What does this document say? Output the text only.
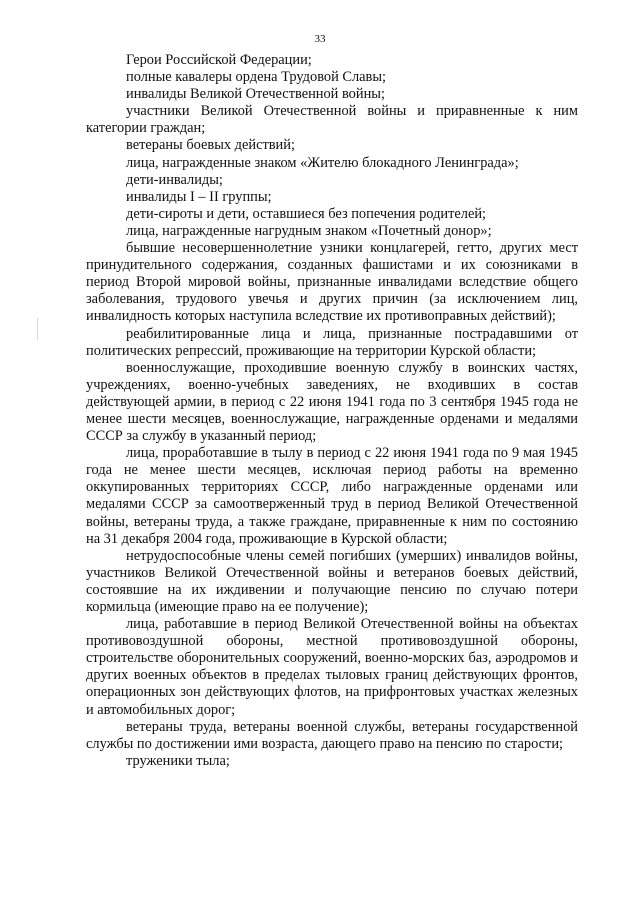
33

Герои Российской Федерации;

полные кавалеры ордена Трудовой Славы;

инвалиды Великой Отечественной войны;

участники Великой Отечественной войны и приравненные к ним категории граждан;

ветераны боевых действий;

лица, награжденные знаком «Жителю блокадного Ленинграда»;

дети-инвалиды;

инвалиды I – II группы;

дети-сироты и дети, оставшиеся без попечения родителей;

лица, награжденные нагрудным знаком «Почетный донор»;

бывшие несовершеннолетние узники концлагерей, гетто, других мест принудительного содержания, созданных фашистами и их союзниками в период Второй мировой войны, признанные инвалидами вследствие общего заболевания, трудового увечья и других причин (за исключением лиц, инвалидность которых наступила вследствие их противоправных действий);

реабилитированные лица и лица, признанные пострадавшими от политических репрессий, проживающие на территории Курской области;

военнослужащие, проходившие военную службу в воинских частях, учреждениях, военно-учебных заведениях, не входивших в состав действующей армии, в период с 22 июня 1941 года по 3 сентября 1945 года не менее шести месяцев, военнослужащие, награжденные орденами и медалями СССР за службу в указанный период;

лица, проработавшие в тылу в период с 22 июня 1941 года по 9 мая 1945 года не менее шести месяцев, исключая период работы на временно оккупированных территориях СССР, либо награжденные орденами или медалями СССР за самоотверженный труд в период Великой Отечественной войны, ветераны труда, а также граждане, приравненные к ним по состоянию на 31 декабря 2004 года, проживающие в Курской области;

нетрудоспособные члены семей погибших (умерших) инвалидов войны, участников Великой Отечественной войны и ветеранов боевых действий, состоявшие на их иждивении и получающие пенсию по случаю потери кормильца (имеющие право на ее получение);

лица, работавшие в период Великой Отечественной войны на объектах противовоздушной обороны, местной противовоздушной обороны, строительстве оборонительных сооружений, военно-морских баз, аэродромов и других военных объектов в пределах тыловых границ действующих фронтов, операционных зон действующих флотов, на прифронтовых участках железных и автомобильных дорог;

ветераны труда, ветераны военной службы, ветераны государственной службы по достижении ими возраста, дающего право на пенсию по старости;

труженики тыла;
